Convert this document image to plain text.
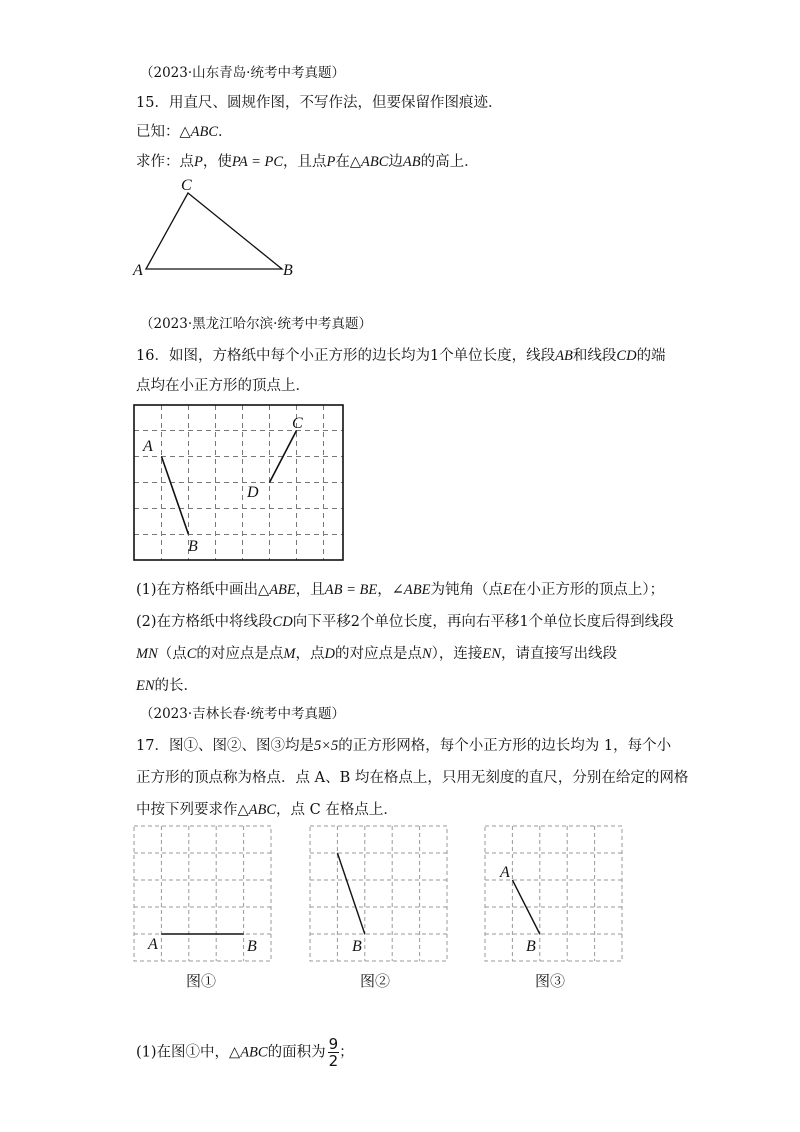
（2023·山东青岛·统考中考真题）
15．用直尺、圆规作图，不写作法，但要保留作图痕迹．
已知：△ABC．
求作：点P，使PA = PC，且点P在△ABC边AB的高上．
C
A	B
（2023·黑龙江哈尔滨·统考中考真题）
16．如图，方格纸中每个小正方形的边长均为1个单位长度，线段AB和线段CD的端
点均在小正方形的顶点上．
A
B
C
D
(1)在方格纸中画出△ABE，且AB = BE，∠ABE为钝角（点E在小正方形的顶点上）；
(2)在方格纸中将线段CD向下平移2个单位长度，再向右平移1个单位长度后得到线段
MN（点C的对应点是点M，点D的对应点是点N），连接EN，请直接写出线段
EN的长．
（2023·吉林长春·统考中考真题）
17．图①、图②、图③均是5×5的正方形网格，每个小正方形的边长均为 1，每个小
正方形的顶点称为格点．点 A、B 均在格点上，只用无刻度的直尺，分别在给定的网格
中按下列要求作△ABC，点 C 在格点上．
A	B	B
A
B
图①	图②	图③
(1)在图①中，△ABC的面积为 $\frac{9}{2}$ ；
